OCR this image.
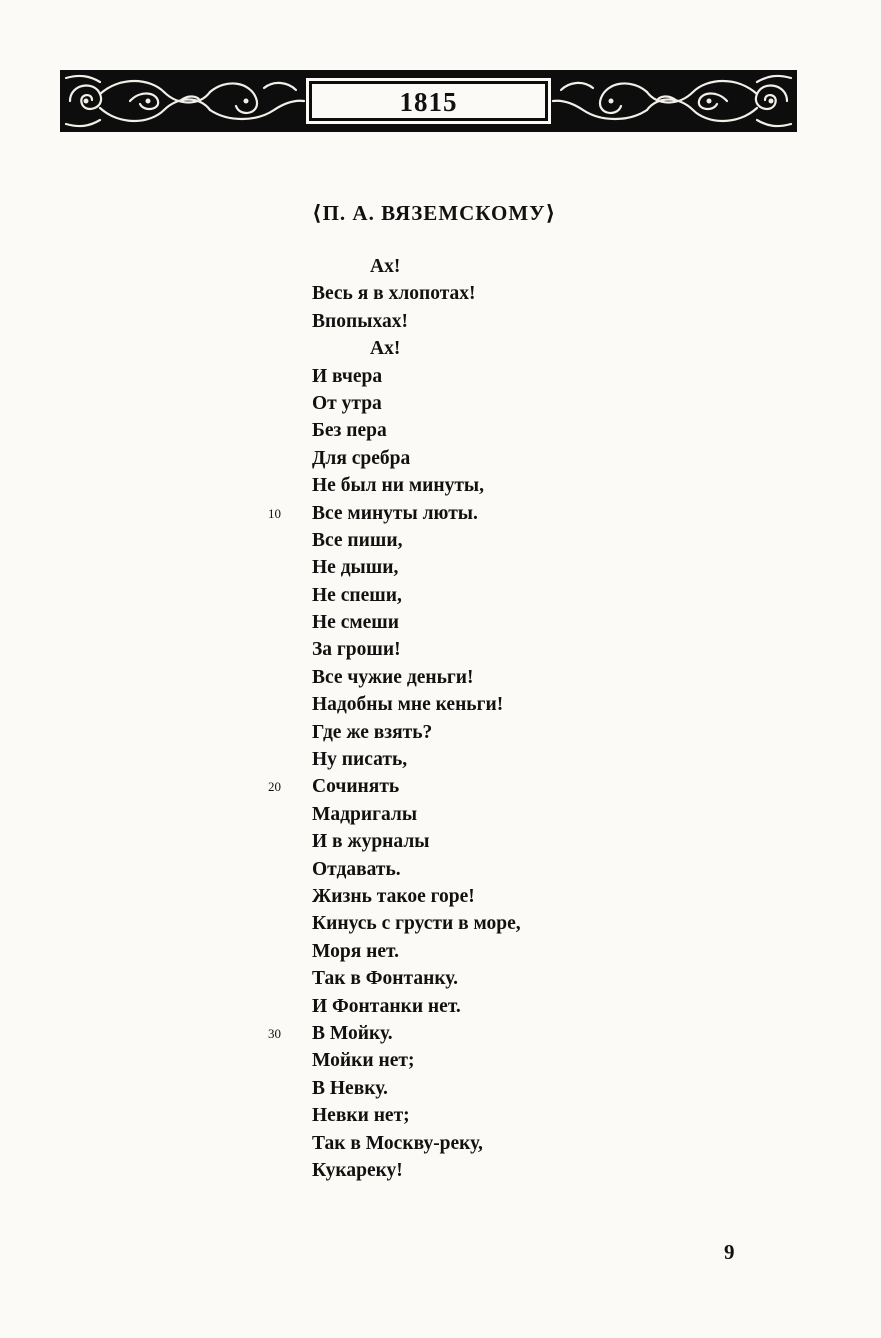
1815
⟨П. А. ВЯЗЕМСКОМУ⟩
Ах!
Весь я в хлопотах!
Впопыхах!
Ах!
И вчера
От утра
Без пера
Для сребра
Не был ни минуты,
10 Все минуты люты.
Все пиши,
Не дыши,
Не спеши,
Не смеши
За гроши!
Все чужие деньги!
Надобны мне кеньги!
Где же взять?
Ну писать,
20 Сочинять
Мадригалы
И в журналы
Отдавать.
Жизнь такое горе!
Кинусь с грусти в море,
Моря нет.
Так в Фонтанку.
И Фонтанки нет.
30 В Мойку.
Мойки нет;
В Невку.
Невки нет;
Так в Москву-реку,
Кукареку!
9
